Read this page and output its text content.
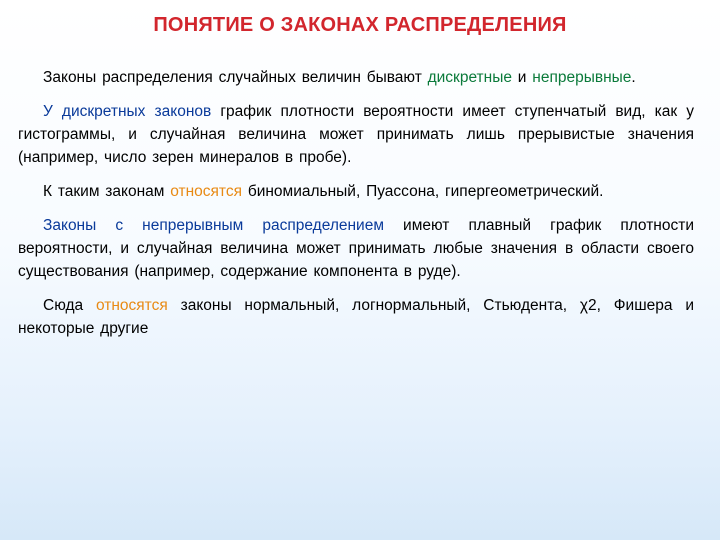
ПОНЯТИЕ О ЗАКОНАХ РАСПРЕДЕЛЕНИЯ

Законы распределения случайных величин бывают дискретные и непрерывные.

У дискретных законов график плотности вероятности имеет ступенчатый вид, как у гистограммы, и случайная величина может принимать лишь прерывистые значения (например, число зерен минералов в пробе).

К таким законам относятся биномиальный, Пуассона, гипергеометрический.

Законы с непрерывным распределением имеют плавный график плотности вероятности, и случайная величина может принимать любые значения в области своего существования (например, содержание компонента в руде).

Сюда относятся законы нормальный, логнормальный, Стьюдента, χ2, Фишера и некоторые другие
